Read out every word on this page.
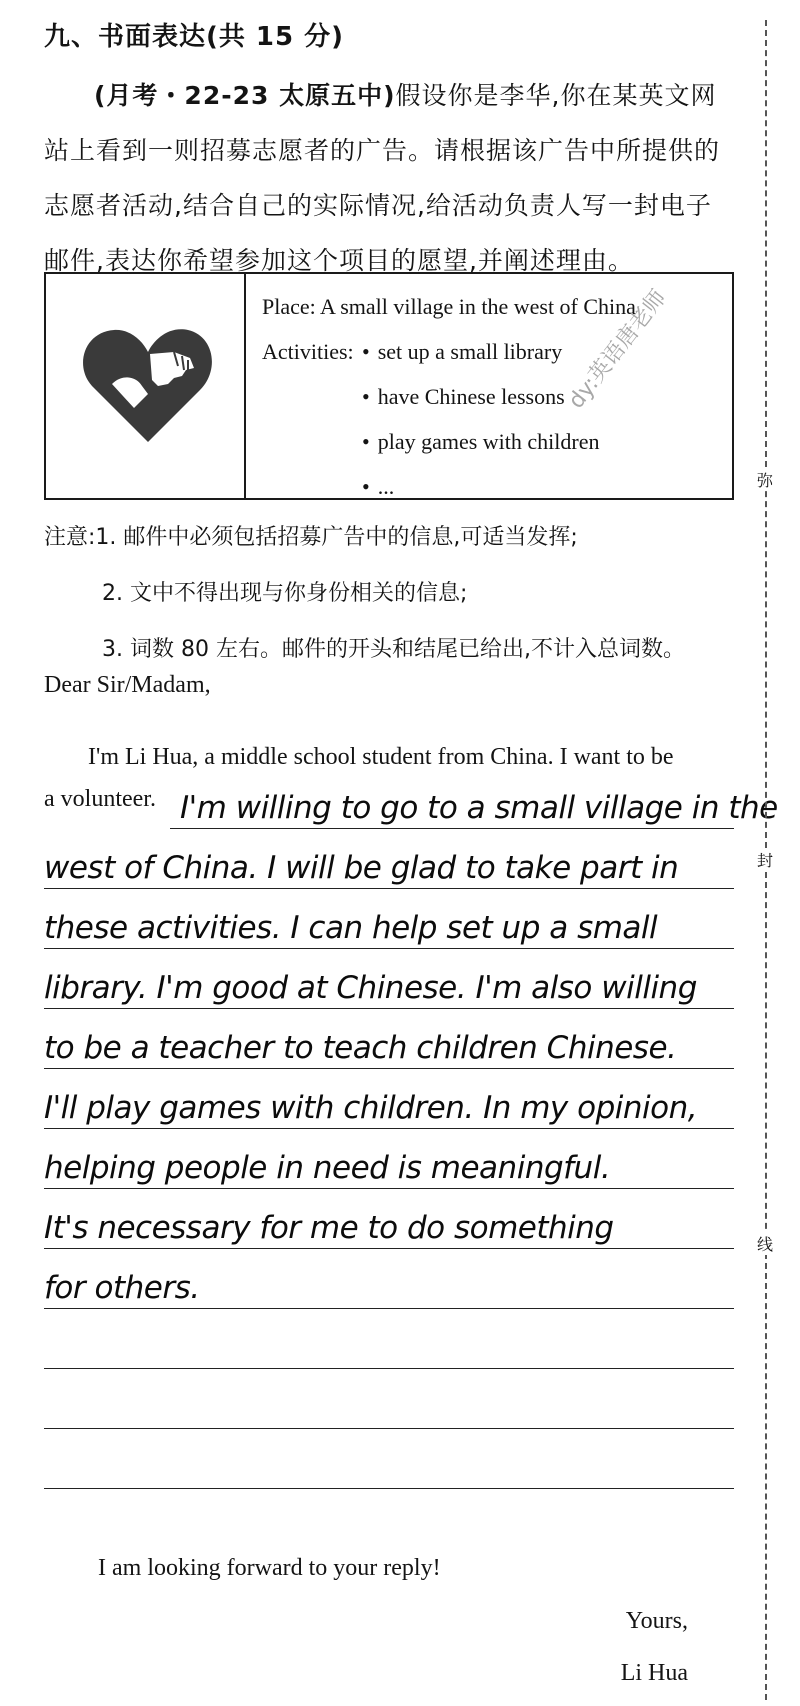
九、书面表达(共 15 分)
(月考・22-23 太原五中)假设你是李华,你在某英文网站上看到一则招募志愿者的广告。请根据该广告中所提供的志愿者活动,结合自己的实际情况,给活动负责人写一封电子邮件,表达你希望参加这个项目的愿望,并阐述理由。
Place: A small village in the west of China
Activities:
•	set up a small library
• have Chinese lessons
• play games with children
• ...
dy:英语唐老师
注意:1. 邮件中必须包括招募广告中的信息,可适当发挥;
2. 文中不得出现与你身份相关的信息;
3. 词数 80 左右。邮件的开头和结尾已给出,不计入总词数。
Dear Sir/Madam,
I'm Li Hua, a middle school student from China. I want to be
a volunteer. I'm willing to go to a small village in the
west of China. I will be glad to take part in
these activities. I can help set up a small
library. I'm good at Chinese. I'm also willing
to be a teacher to teach children Chinese.
I'll play games with children. In my opinion,
helping people in need is meaningful.
It's necessary for me to do something
for others.
I am looking forward to your reply!
Yours,
Li Hua
弥
封
线
